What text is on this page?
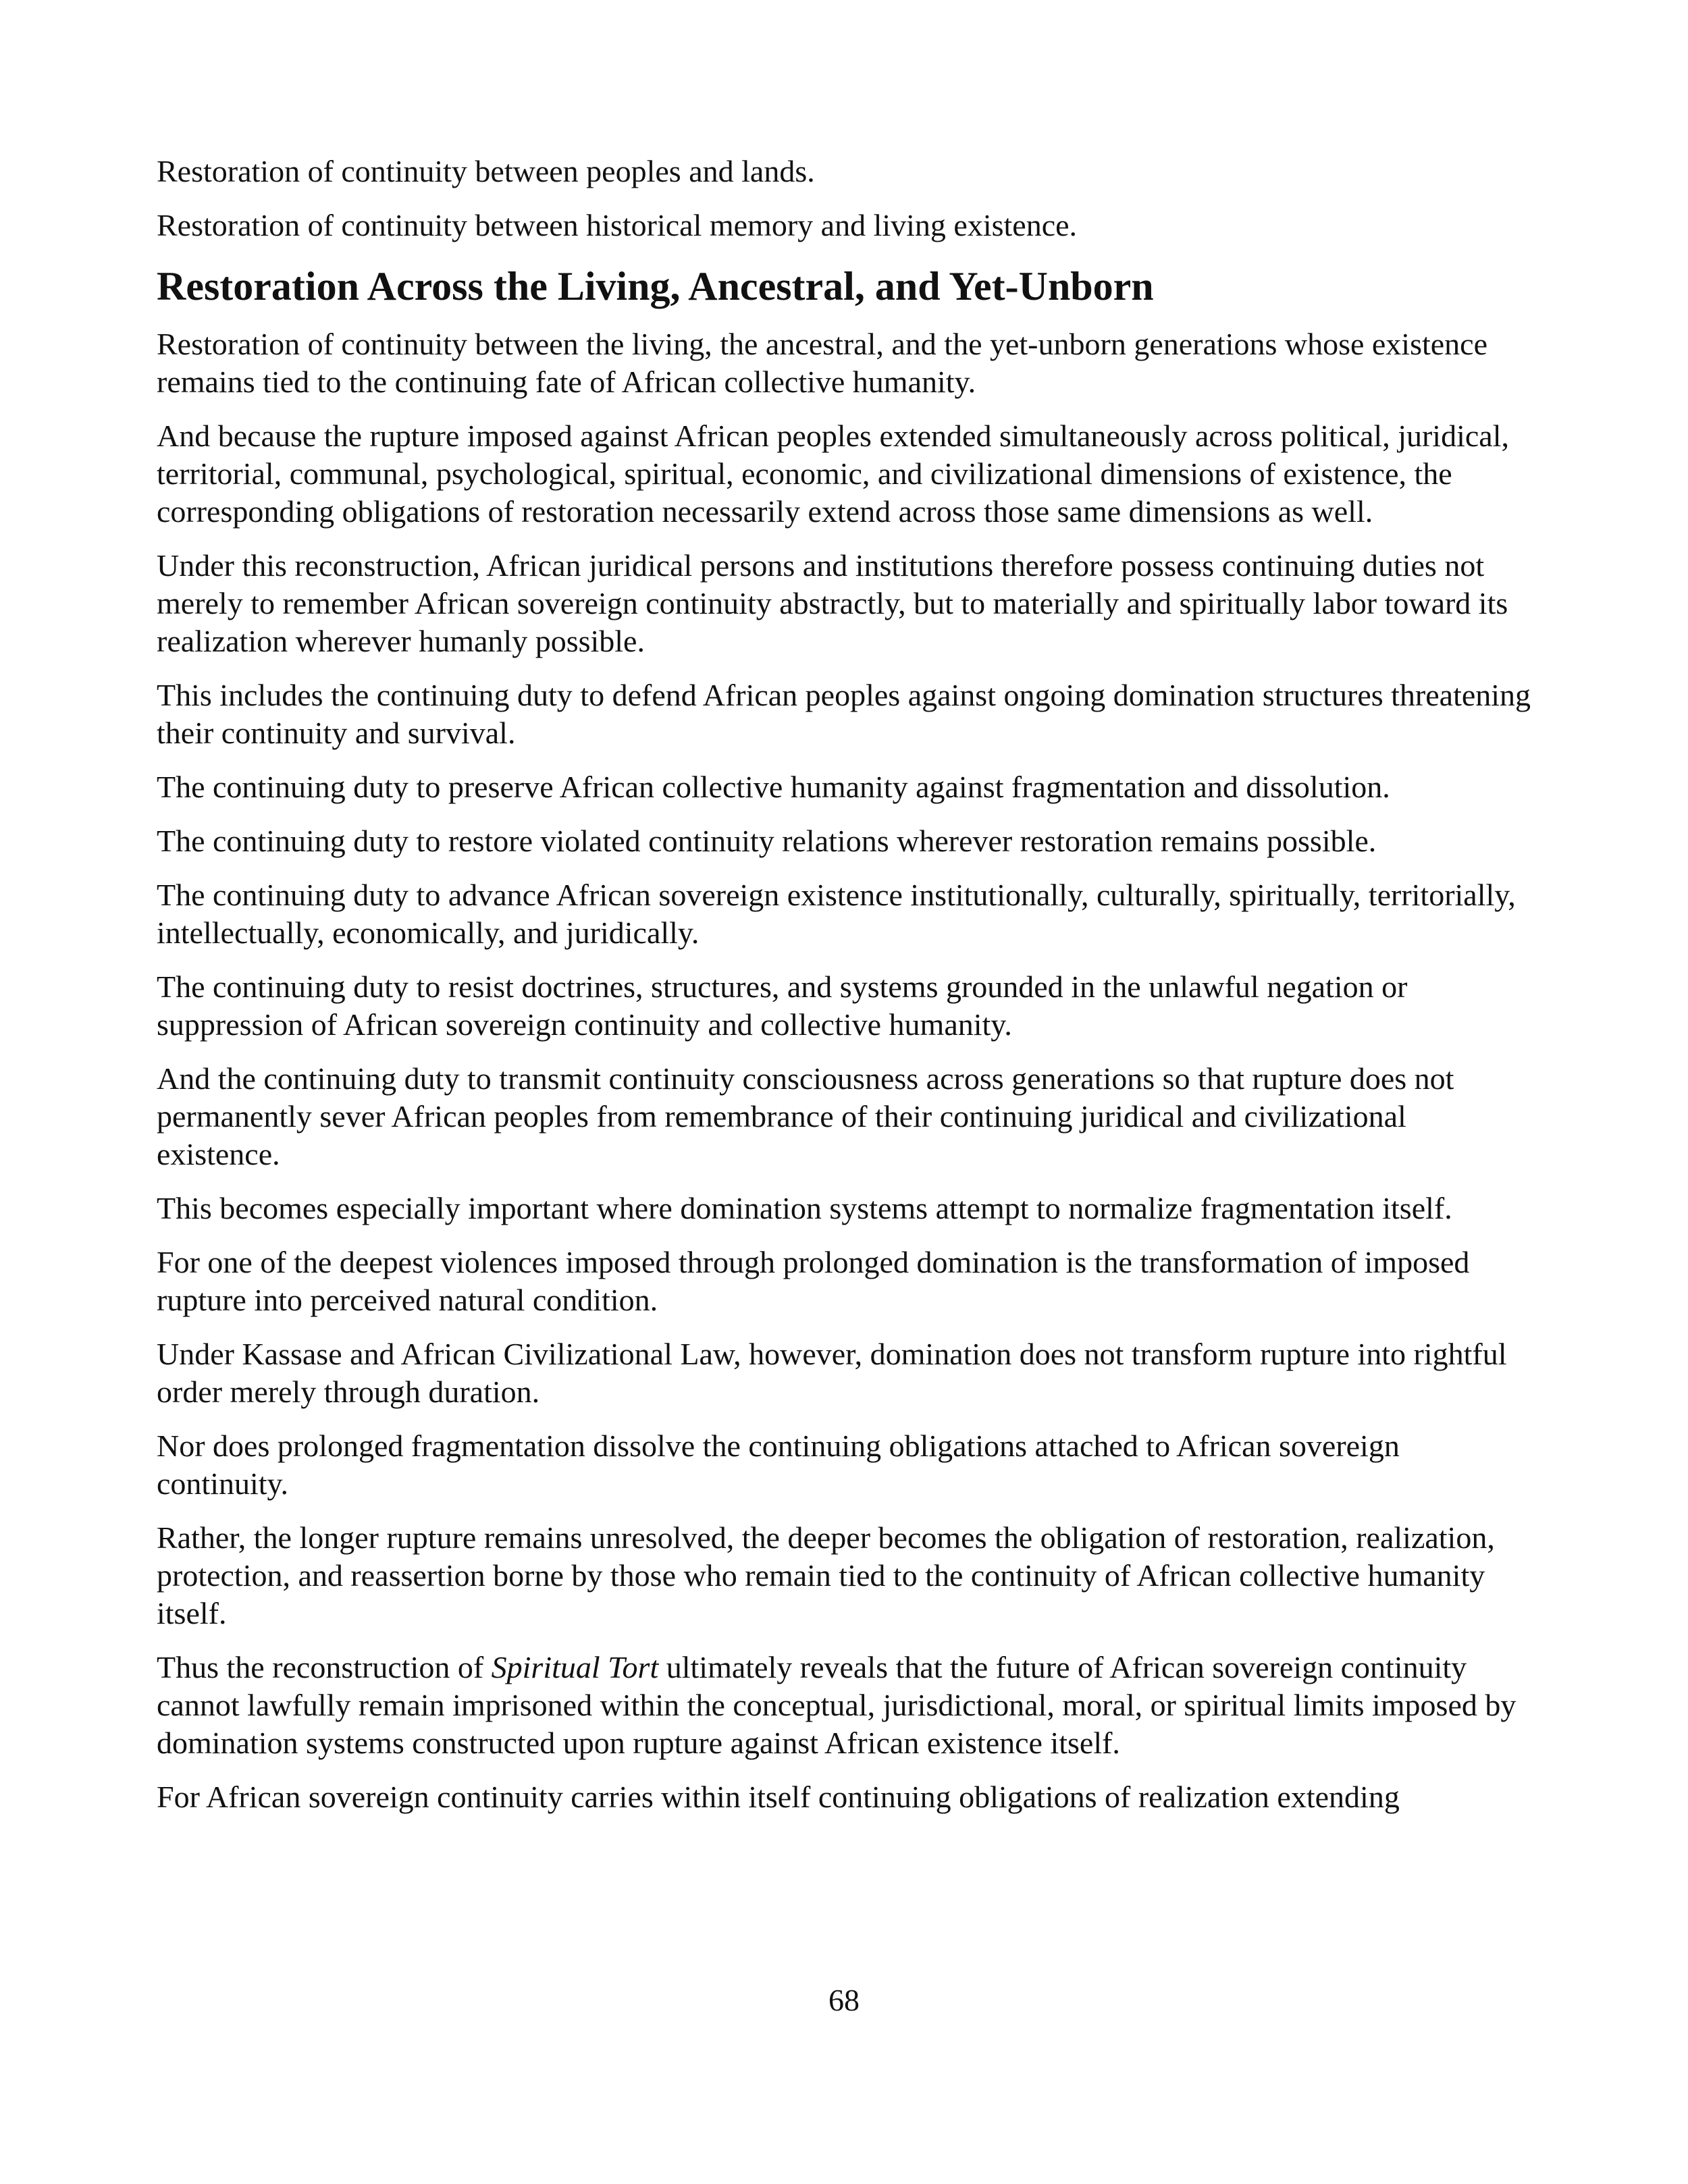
Restoration of continuity between peoples and lands.

Restoration of continuity between historical memory and living existence.

Restoration Across the Living, Ancestral, and Yet-Unborn

Restoration of continuity between the living, the ancestral, and the yet-unborn generations whose existence remains tied to the continuing fate of African collective humanity.

And because the rupture imposed against African peoples extended simultaneously across political, juridical, territorial, communal, psychological, spiritual, economic, and civilizational dimensions of existence, the corresponding obligations of restoration necessarily extend across those same dimensions as well.

Under this reconstruction, African juridical persons and institutions therefore possess continuing duties not merely to remember African sovereign continuity abstractly, but to materially and spiritually labor toward its realization wherever humanly possible.

This includes the continuing duty to defend African peoples against ongoing domination structures threatening their continuity and survival.

The continuing duty to preserve African collective humanity against fragmentation and dissolution.

The continuing duty to restore violated continuity relations wherever restoration remains possible.

The continuing duty to advance African sovereign existence institutionally, culturally, spiritually, territorially, intellectually, economically, and juridically.

The continuing duty to resist doctrines, structures, and systems grounded in the unlawful negation or suppression of African sovereign continuity and collective humanity.

And the continuing duty to transmit continuity consciousness across generations so that rupture does not permanently sever African peoples from remembrance of their continuing juridical and civilizational existence.

This becomes especially important where domination systems attempt to normalize fragmentation itself.

For one of the deepest violences imposed through prolonged domination is the transformation of imposed rupture into perceived natural condition.

Under Kassase and African Civilizational Law, however, domination does not transform rupture into rightful order merely through duration.

Nor does prolonged fragmentation dissolve the continuing obligations attached to African sovereign continuity.

Rather, the longer rupture remains unresolved, the deeper becomes the obligation of restoration, realization, protection, and reassertion borne by those who remain tied to the continuity of African collective humanity itself.

Thus the reconstruction of Spiritual Tort ultimately reveals that the future of African sovereign continuity cannot lawfully remain imprisoned within the conceptual, jurisdictional, moral, or spiritual limits imposed by domination systems constructed upon rupture against African existence itself.

For African sovereign continuity carries within itself continuing obligations of realization extending

68
